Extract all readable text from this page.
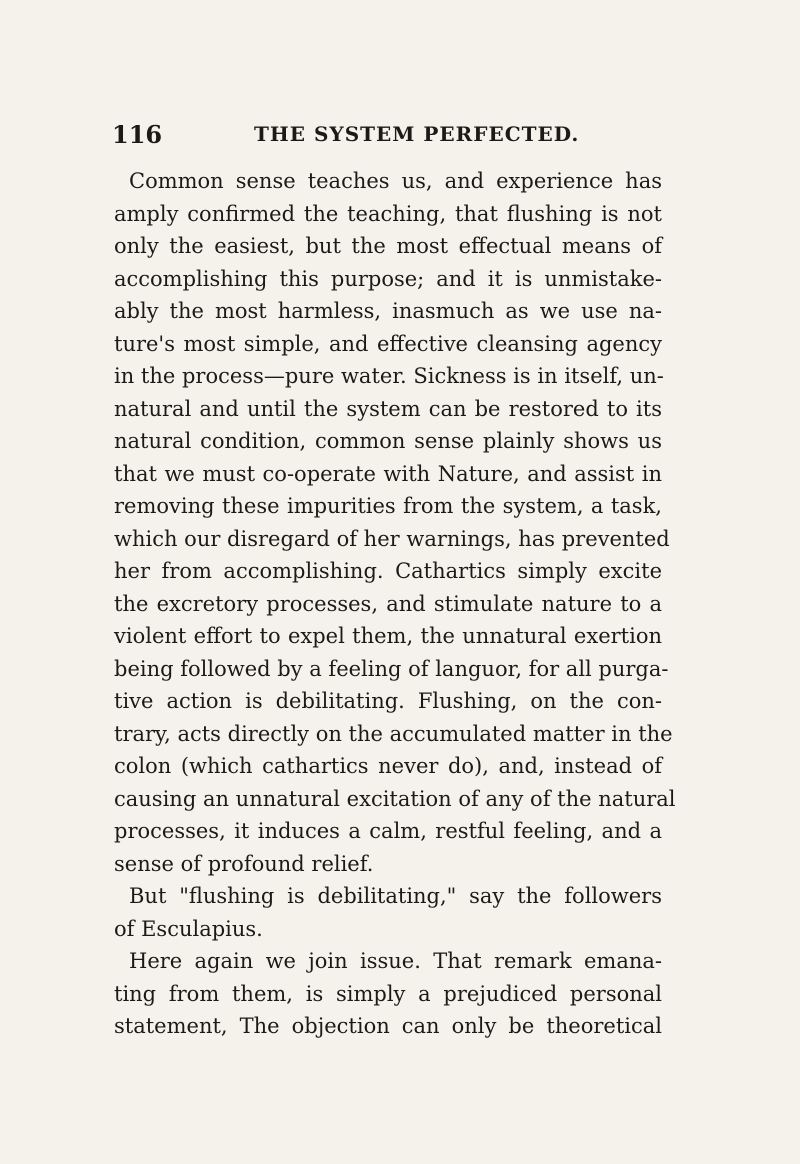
116	THE SYSTEM PERFECTED.
Common sense teaches us, and experience has
amply confirmed the teaching, that flushing is not
only the easiest, but the most effectual means of
accomplishing this purpose; and it is unmistake-
ably the most harmless, inasmuch as we use na-
ture's most simple, and effective cleansing agency
in the process—pure water. Sickness is in itself, un-
natural and until the system can be restored to its
natural condition, common sense plainly shows us
that we must co-operate with Nature, and assist in
removing these impurities from the system, a task,
which our disregard of her warnings, has prevented
her from accomplishing. Cathartics simply excite
the excretory processes, and stimulate nature to a
violent effort to expel them, the unnatural exertion
being followed by a feeling of languor, for all purga-
tive action is debilitating. Flushing, on the con-
trary, acts directly on the accumulated matter in the
colon (which cathartics never do), and, instead of
causing an unnatural excitation of any of the natural
processes, it induces a calm, restful feeling, and a
sense of profound relief.
But "flushing is debilitating," say the followers
of Esculapius.
Here again we join issue. That remark emana-
ting from them, is simply a prejudiced personal
statement, The objection can only be theoretical
